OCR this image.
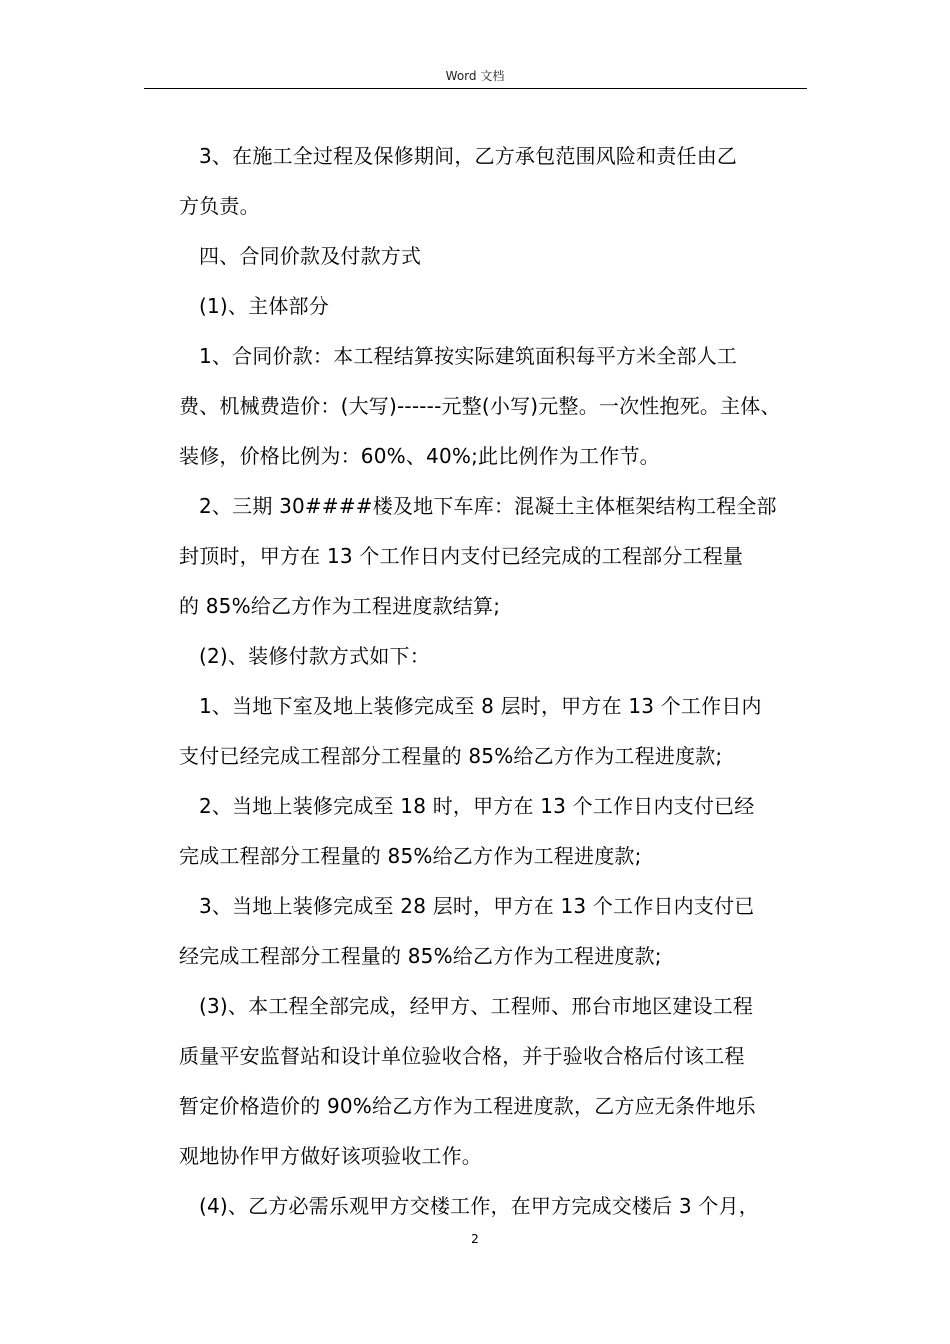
Word 文档
3、在施工全过程及保修期间，乙方承包范围风险和责任由乙
方负责。
四、合同价款及付款方式
(1)、主体部分
1、合同价款：本工程结算按实际建筑面积每平方米全部人工
费、机械费造价：(大写)------元整(小写)元整。一次性抱死。主体、
装修，价格比例为：60%、40%;此比例作为工作节。
2、三期 30####楼及地下车库：混凝土主体框架结构工程全部
封顶时，甲方在 13 个工作日内支付已经完成的工程部分工程量
的 85%给乙方作为工程进度款结算;
(2)、装修付款方式如下：
1、当地下室及地上装修完成至 8 层时，甲方在 13 个工作日内
支付已经完成工程部分工程量的 85%给乙方作为工程进度款;
2、当地上装修完成至 18 时，甲方在 13 个工作日内支付已经
完成工程部分工程量的 85%给乙方作为工程进度款;
3、当地上装修完成至 28 层时，甲方在 13 个工作日内支付已
经完成工程部分工程量的 85%给乙方作为工程进度款;
(3)、本工程全部完成，经甲方、工程师、邢台市地区建设工程
质量平安监督站和设计单位验收合格，并于验收合格后付该工程
暂定价格造价的 90%给乙方作为工程进度款，乙方应无条件地乐
观地协作甲方做好该项验收工作。
(4)、乙方必需乐观甲方交楼工作，在甲方完成交楼后 3 个月，
2
